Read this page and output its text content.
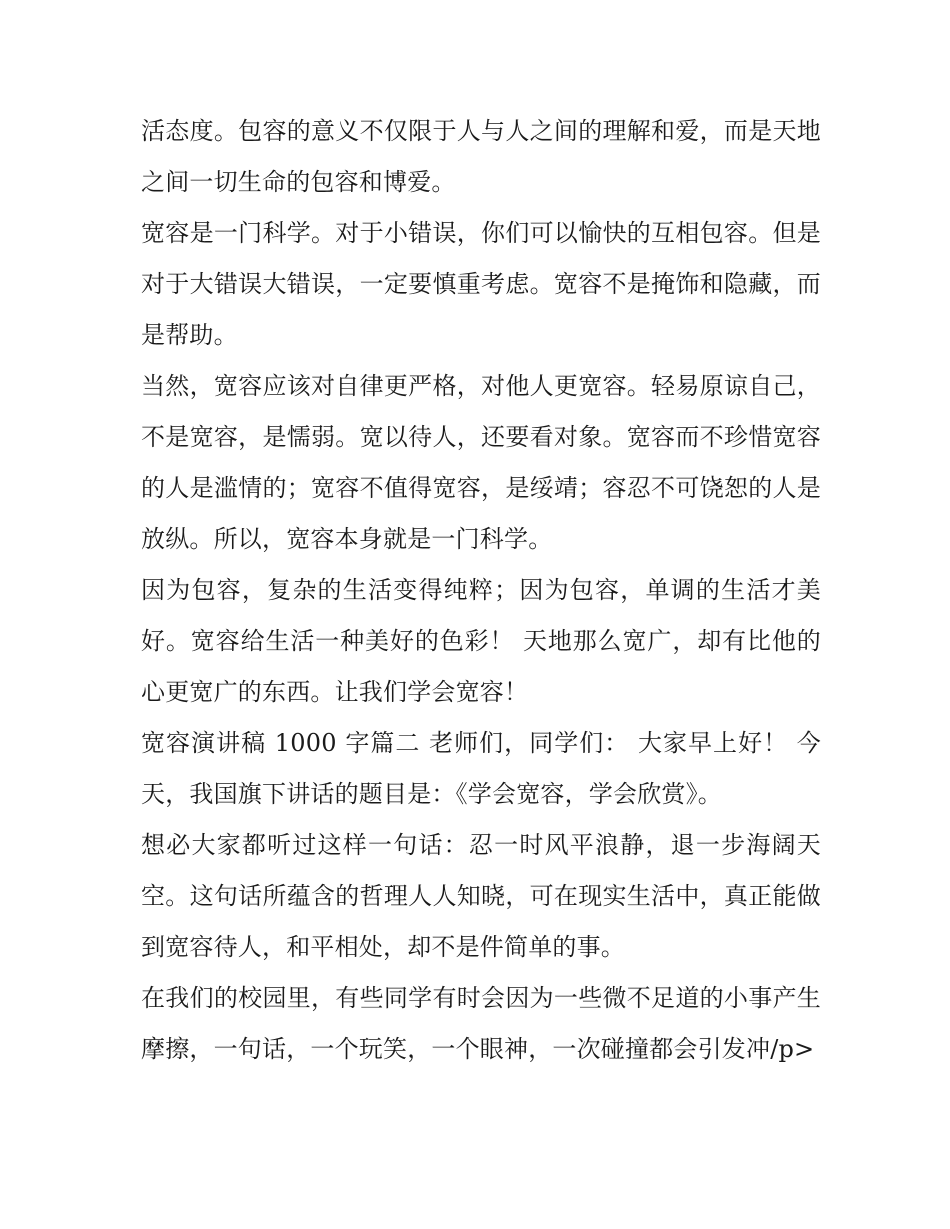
活态度。包容的意义不仅限于人与人之间的理解和爱，而是天地之间一切生命的包容和博爱。

宽容是一门科学。对于小错误，你们可以愉快的互相包容。但是对于大错误大错误，一定要慎重考虑。宽容不是掩饰和隐藏，而是帮助。

当然，宽容应该对自律更严格，对他人更宽容。轻易原谅自己，不是宽容，是懦弱。宽以待人，还要看对象。宽容而不珍惜宽容的人是滥情的；宽容不值得宽容，是绥靖；容忍不可饶恕的人是放纵。所以，宽容本身就是一门科学。

因为包容，复杂的生活变得纯粹；因为包容，单调的生活才美好。宽容给生活一种美好的色彩！ 天地那么宽广，却有比他的心更宽广的东西。让我们学会宽容！

宽容演讲稿 1000 字篇二 老师们，同学们： 大家早上好！ 今天，我国旗下讲话的题目是：《学会宽容，学会欣赏》。

想必大家都听过这样一句话：忍一时风平浪静，退一步海阔天空。这句话所蕴含的哲理人人知晓，可在现实生活中，真正能做到宽容待人，和平相处，却不是件简单的事。

在我们的校园里，有些同学有时会因为一些微不足道的小事产生摩擦，一句话，一个玩笑，一个眼神，一次碰撞都会引发冲/p>
